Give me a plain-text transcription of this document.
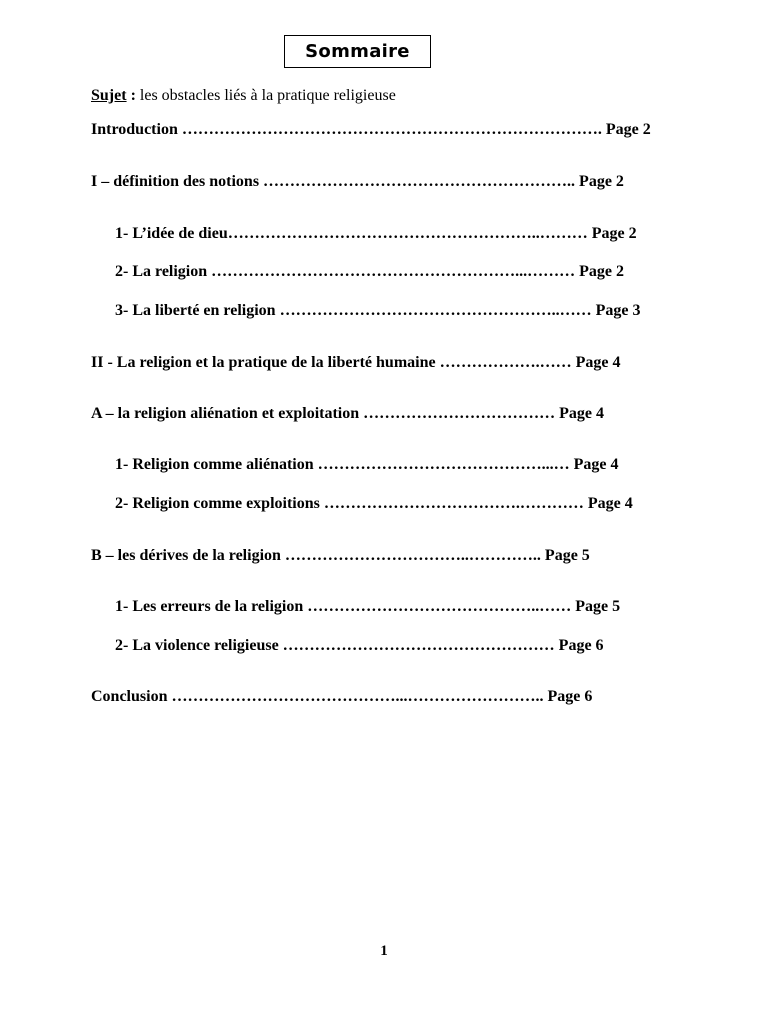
Sommaire
Sujet : les obstacles liés à la pratique religieuse
Introduction ……………………………………………………………………. Page 2
I – définition des notions ………………………………………………….. Page 2
1- L’idée de dieu…………………………………………………..……… Page 2
2- La religion …………………………………………………...……… Page 2
3- La liberté en religion ……………………………………………..…… Page 3
II - La religion et la pratique de la liberté humaine ……………….…… Page 4
A – la religion aliénation et exploitation ……………………………… Page 4
1- Religion comme aliénation ……………………………………...… Page 4
2- Religion comme exploitions ……………………………….………… Page 4
B – les dérives de la religion ……………………………..………….. Page 5
1- Les erreurs de la religion ……………………………………..…… Page 5
2- La violence religieuse …………………………………………… Page 6
Conclusion ……………………………………...…………………….. Page 6
1
